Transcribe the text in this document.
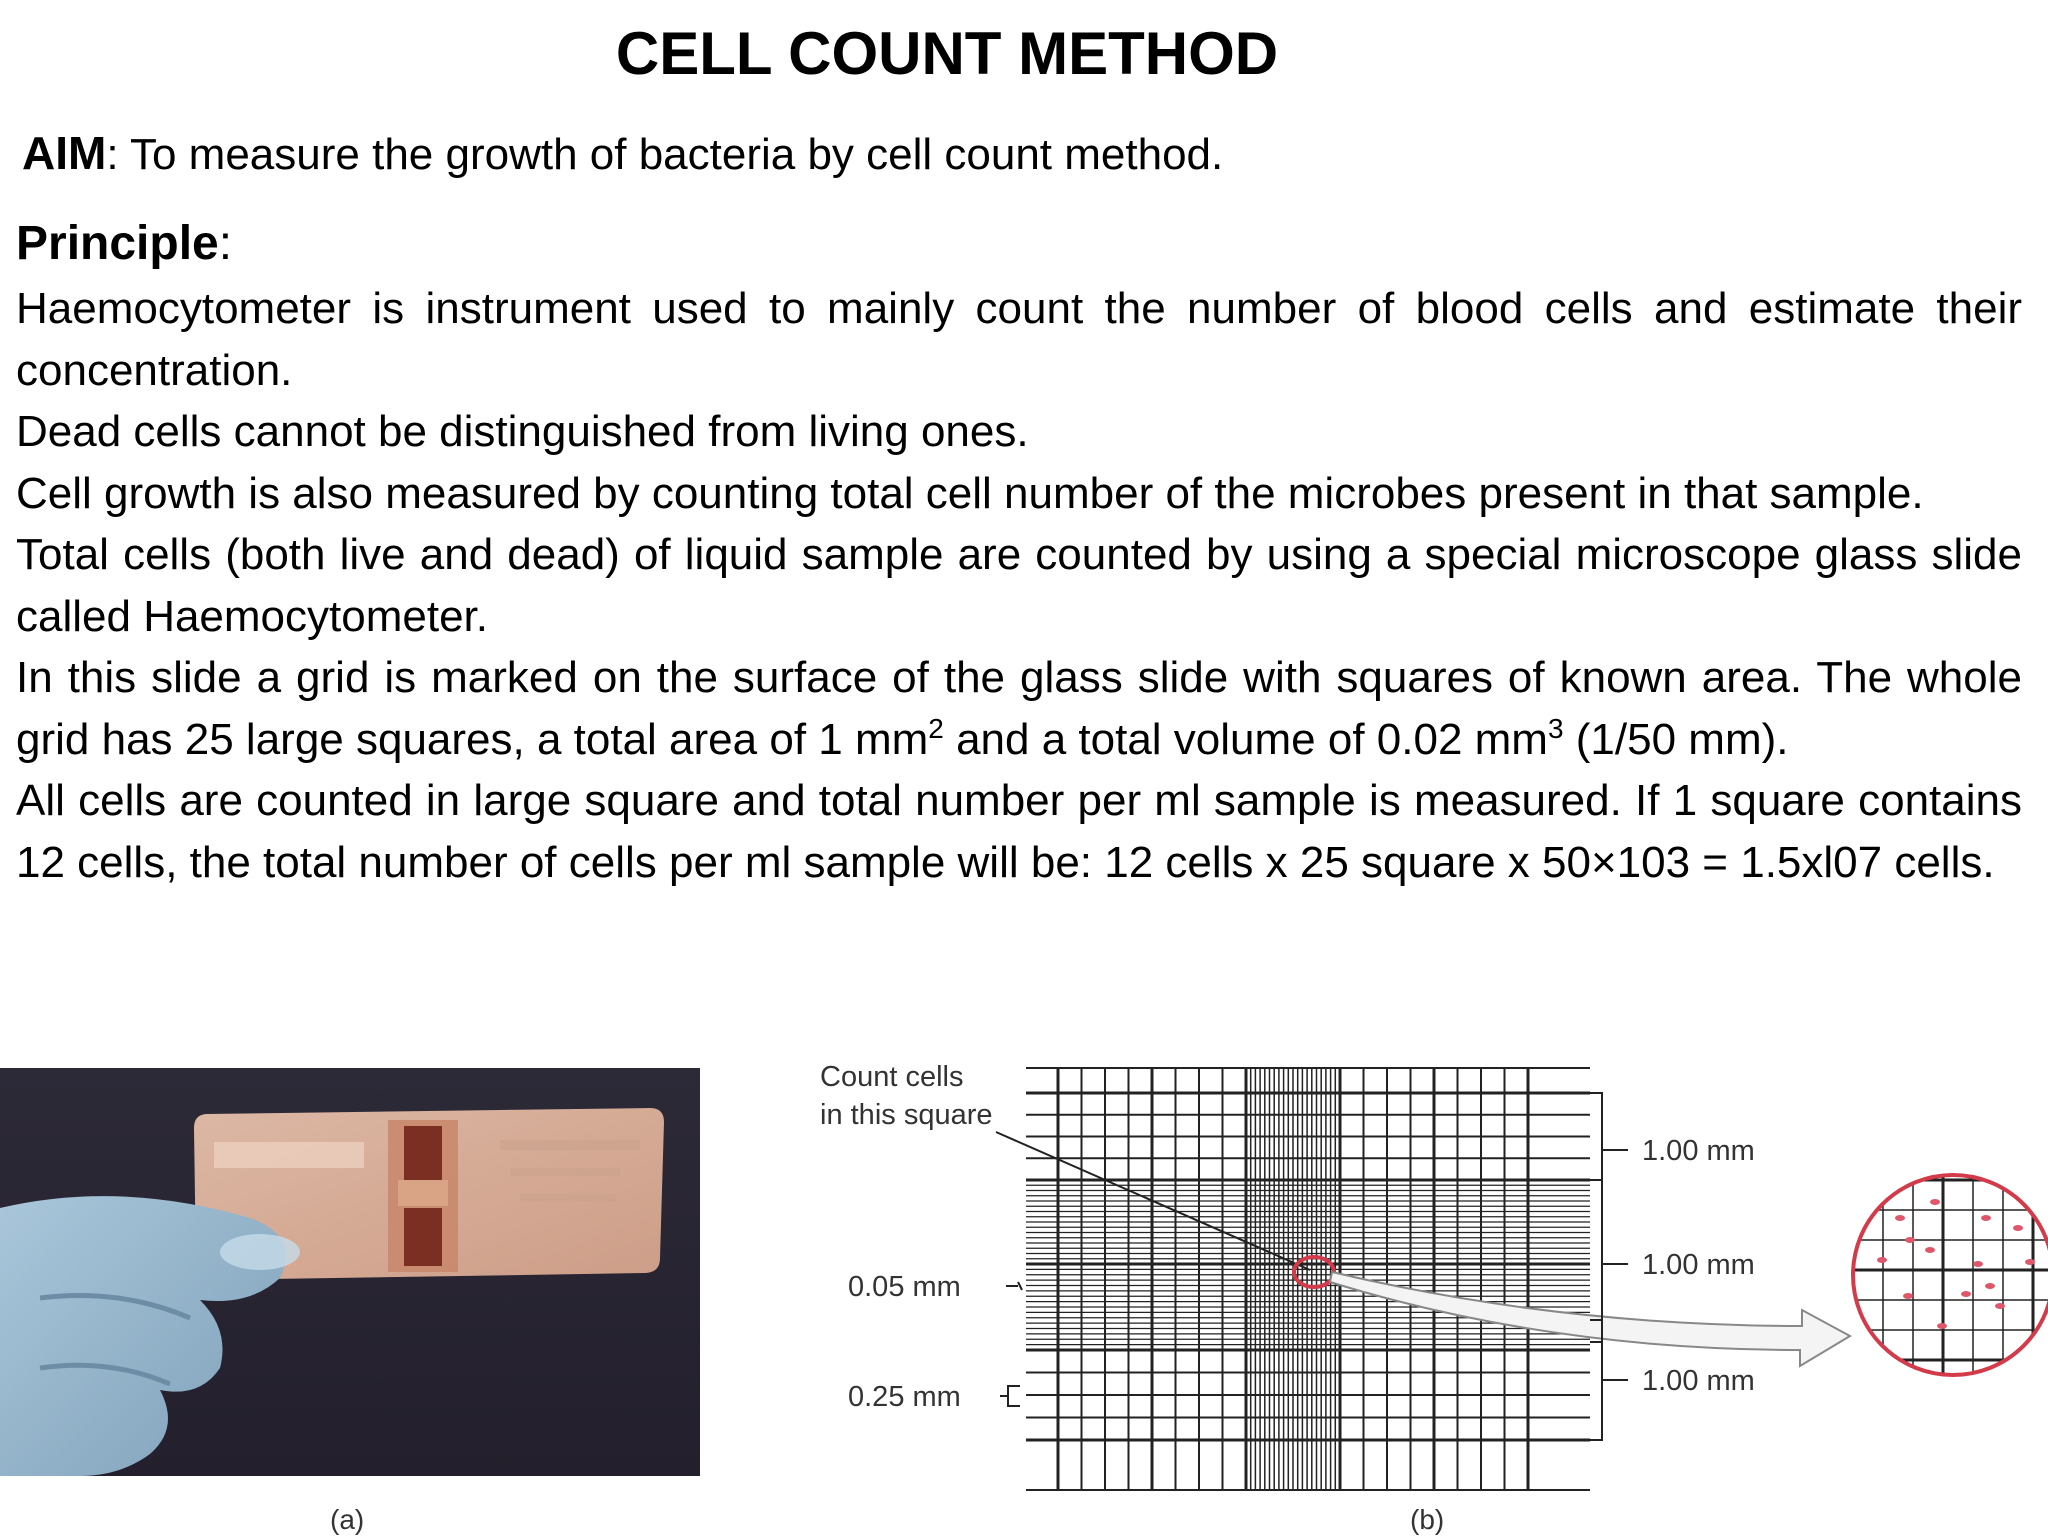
CELL COUNT METHOD
AIM: To measure the growth of bacteria by cell count method.
Principle:

Haemocytometer is instrument used to mainly count the number of blood cells and estimate their concentration.

Dead cells cannot be distinguished from living ones.

Cell growth is also measured by counting total cell number of the microbes present in that sample.

Total cells (both live and dead) of liquid sample are counted by using a special microscope glass slide called Haemocytometer.

In this slide a grid is marked on the surface of the glass slide with squares of known area. The whole grid has 25 large squares, a total area of 1 $mm^2$ and a total volume of 0.02 $mm^3$ (1/50 mm).

All cells are counted in large square and total number per ml sample is measured. If 1 square contains 12 cells, the total number of cells per ml sample will be: 12 cells x 25 square x 50×103 = 1.5xl07 cells.

Count cells
in this square
0.05 mm
0.25 mm
1.00 mm
1.00 mm
1.00 mm
(a)	(b)
